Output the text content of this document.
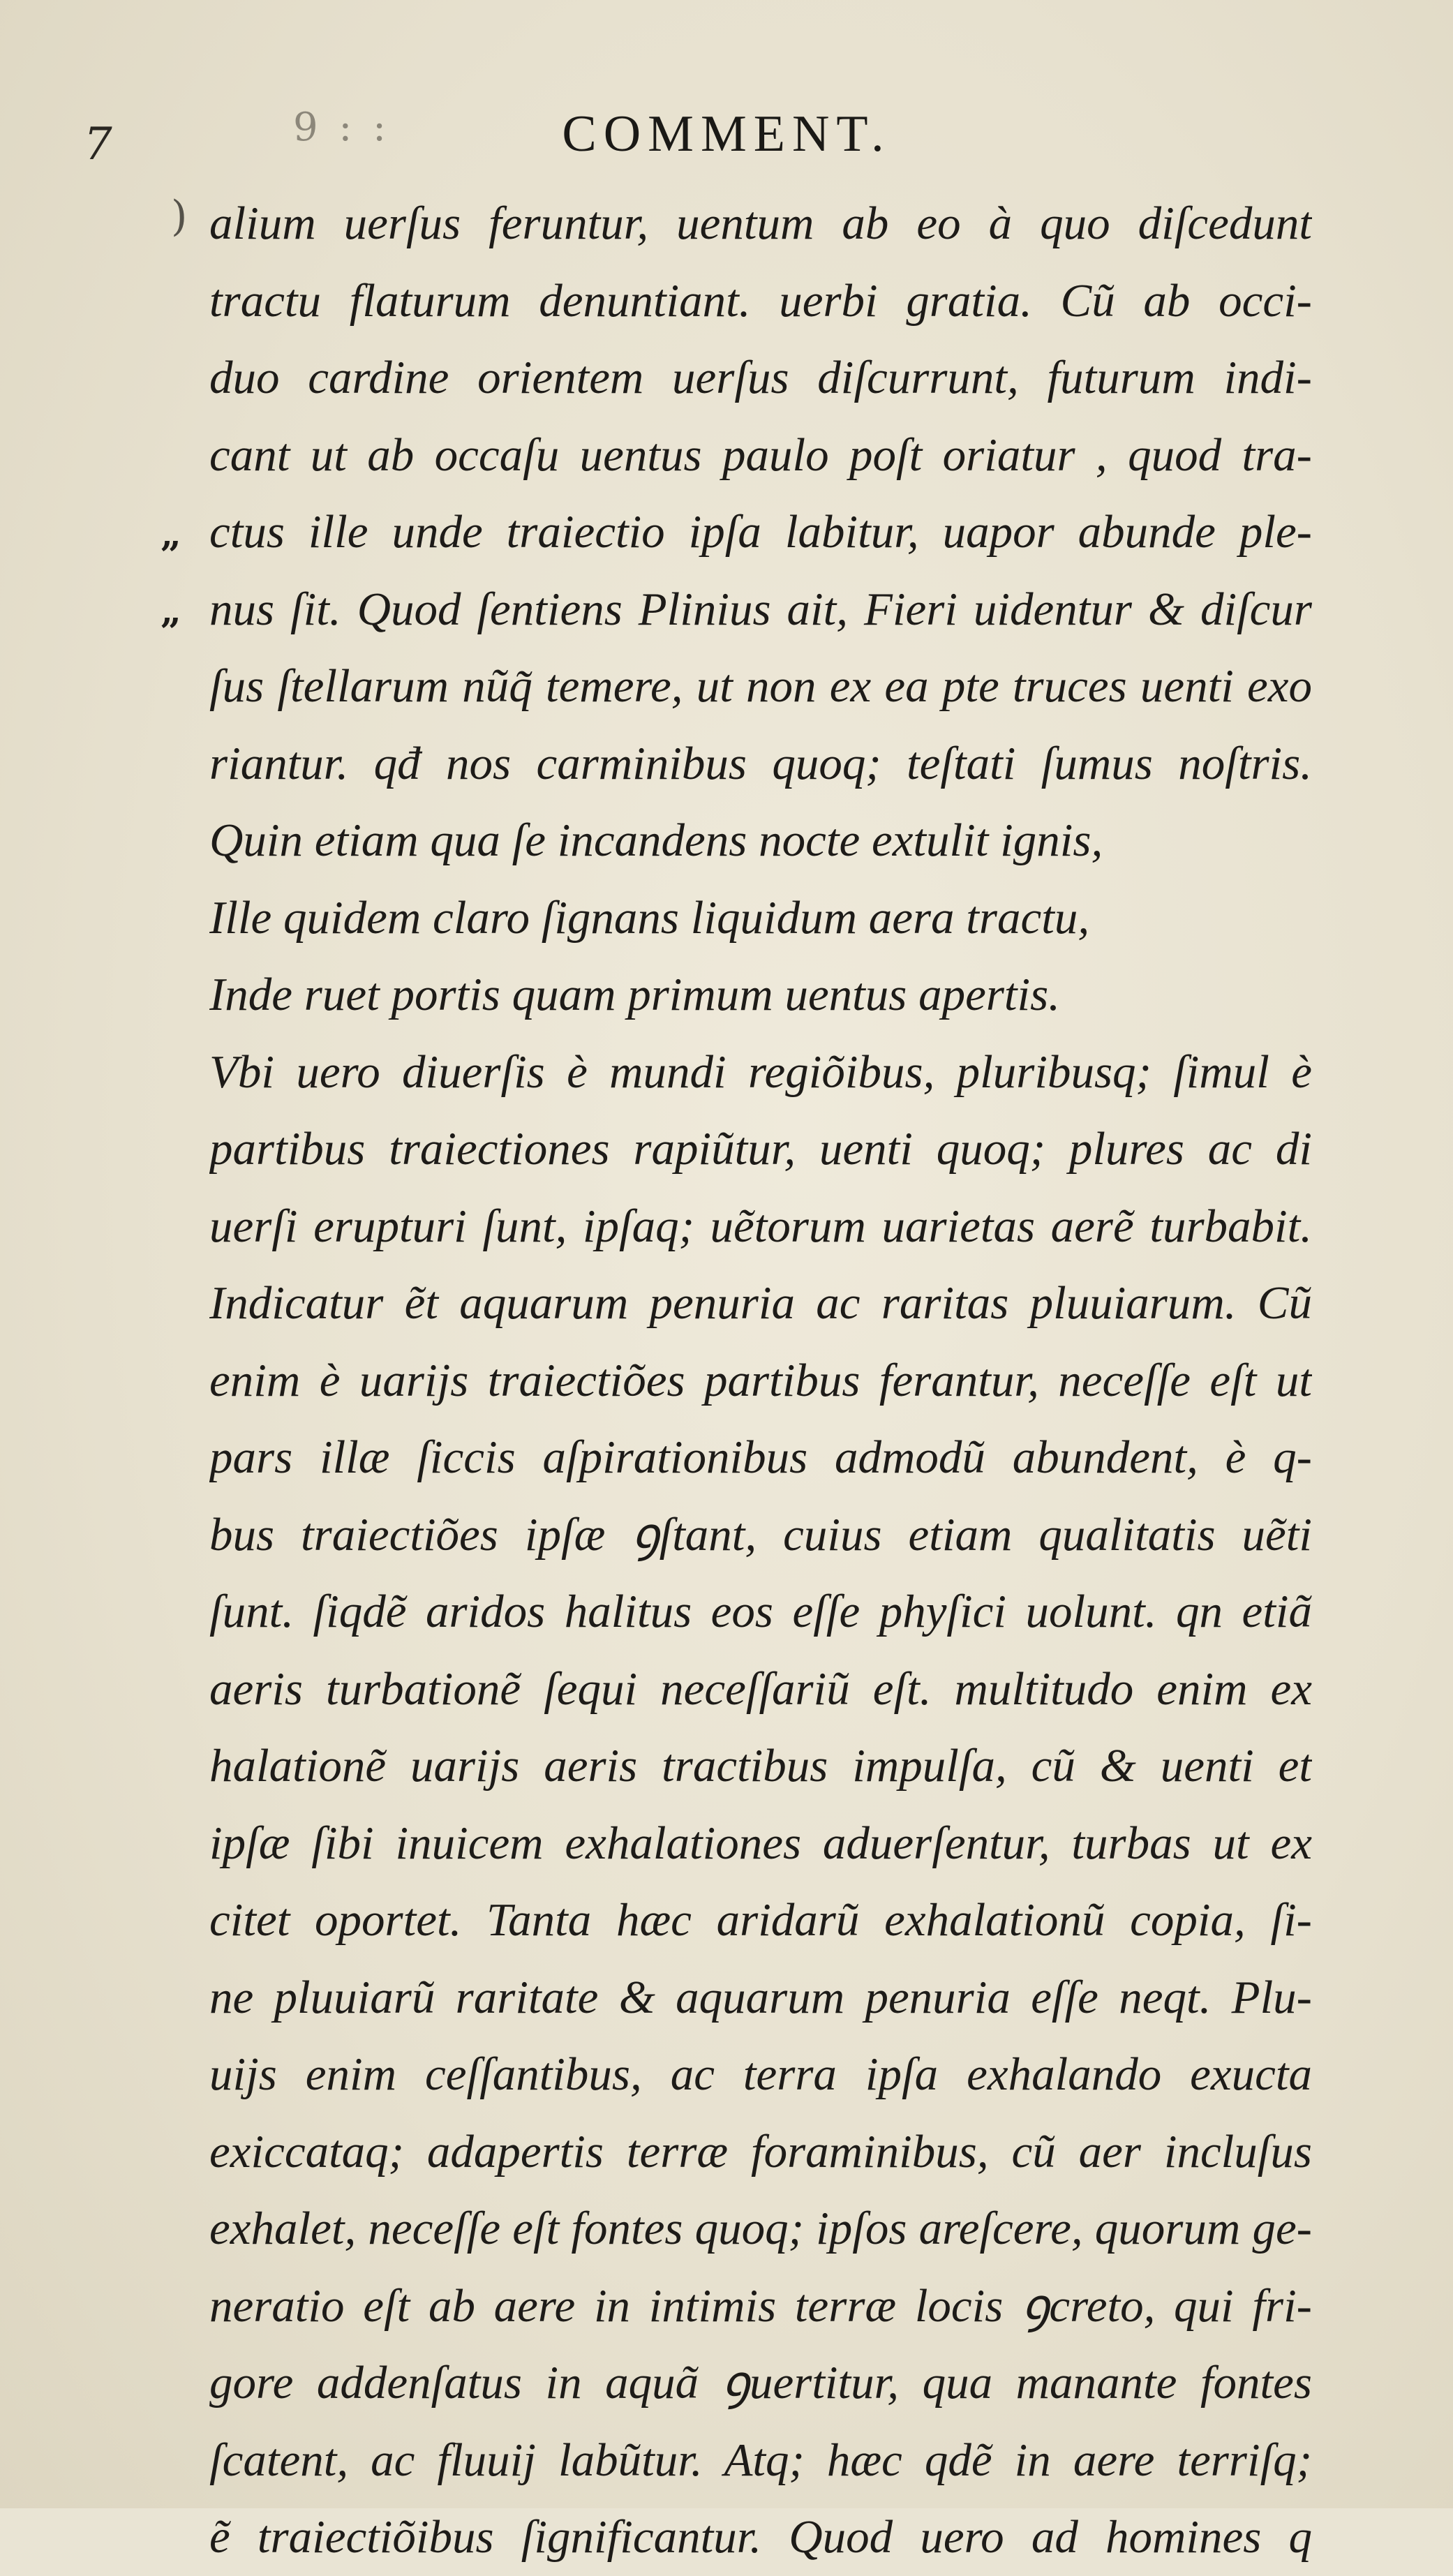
7	9 : :	COMMENT.
)
„
„
alium uerſus feruntur, uentum ab eo à quo diſcedunt
tractu flaturum denuntiant. uerbi gratia. Cũ ab occi-
duo cardine orientem uerſus diſcurrunt, futurum indi-
cant ut ab occaſu uentus paulo poſt oriatur , quod tra-
ctus ille unde traiectio ipſa labitur, uapor abunde ple-
nus ſit. Quod ſentiens Plinius ait, Fieri uidentur & diſcur
ſus ſtellarum nũq̃ temere, ut non ex ea pte truces uenti exo
riantur. qđ nos carminibus quoq; teſtati ſumus noſtris.
Quin etiam qua ſe incandens nocte extulit ignis,
Ille quidem claro ſignans liquidum aera tractu,
Inde ruet portis quam primum uentus apertis.
Vbi uero diuerſis è mundi regiõibus, pluribusq; ſimul è
partibus traiectiones rapiũtur, uenti quoq; plures ac di
uerſi erupturi ſunt, ipſaq; uẽtorum uarietas aerẽ turbabit.
Indicatur ẽt aquarum penuria ac raritas pluuiarum. Cũ
enim è uarijs traiectiões partibus ferantur, neceſſe eſt ut
pars illæ ſiccis aſpirationibus admodũ abundent, è q-
bus traiectiões ipſæ ꝯſtant, cuius etiam qualitatis uẽti
ſunt. ſiqdẽ aridos halitus eos eſſe phyſici uolunt. qn etiã
aeris turbationẽ ſequi neceſſariũ eſt. multitudo enim ex
halationẽ uarijs aeris tractibus impulſa, cũ & uenti et
ipſæ ſibi inuicem exhalationes aduerſentur, turbas ut ex
citet oportet. Tanta hæc aridarũ exhalationũ copia, ſi-
ne pluuiarũ raritate & aquarum penuria eſſe neqt. Plu-
uijs enim ceſſantibus, ac terra ipſa exhalando exucta
exiccataq; adapertis terræ foraminibus, cũ aer incluſus
exhalet, neceſſe eſt fontes quoq; ipſos areſcere, quorum ge-
neratio eſt ab aere in intimis terræ locis ꝯcreto, qui fri-
gore addenſatus in aquã ꝯuertitur, qua manante fontes
ſcatent, ac fluuij labũtur. Atq; hæc qdẽ in aere terriſq;
ẽ traiectiõibus ſignificantur. Quod uero ad homines q
